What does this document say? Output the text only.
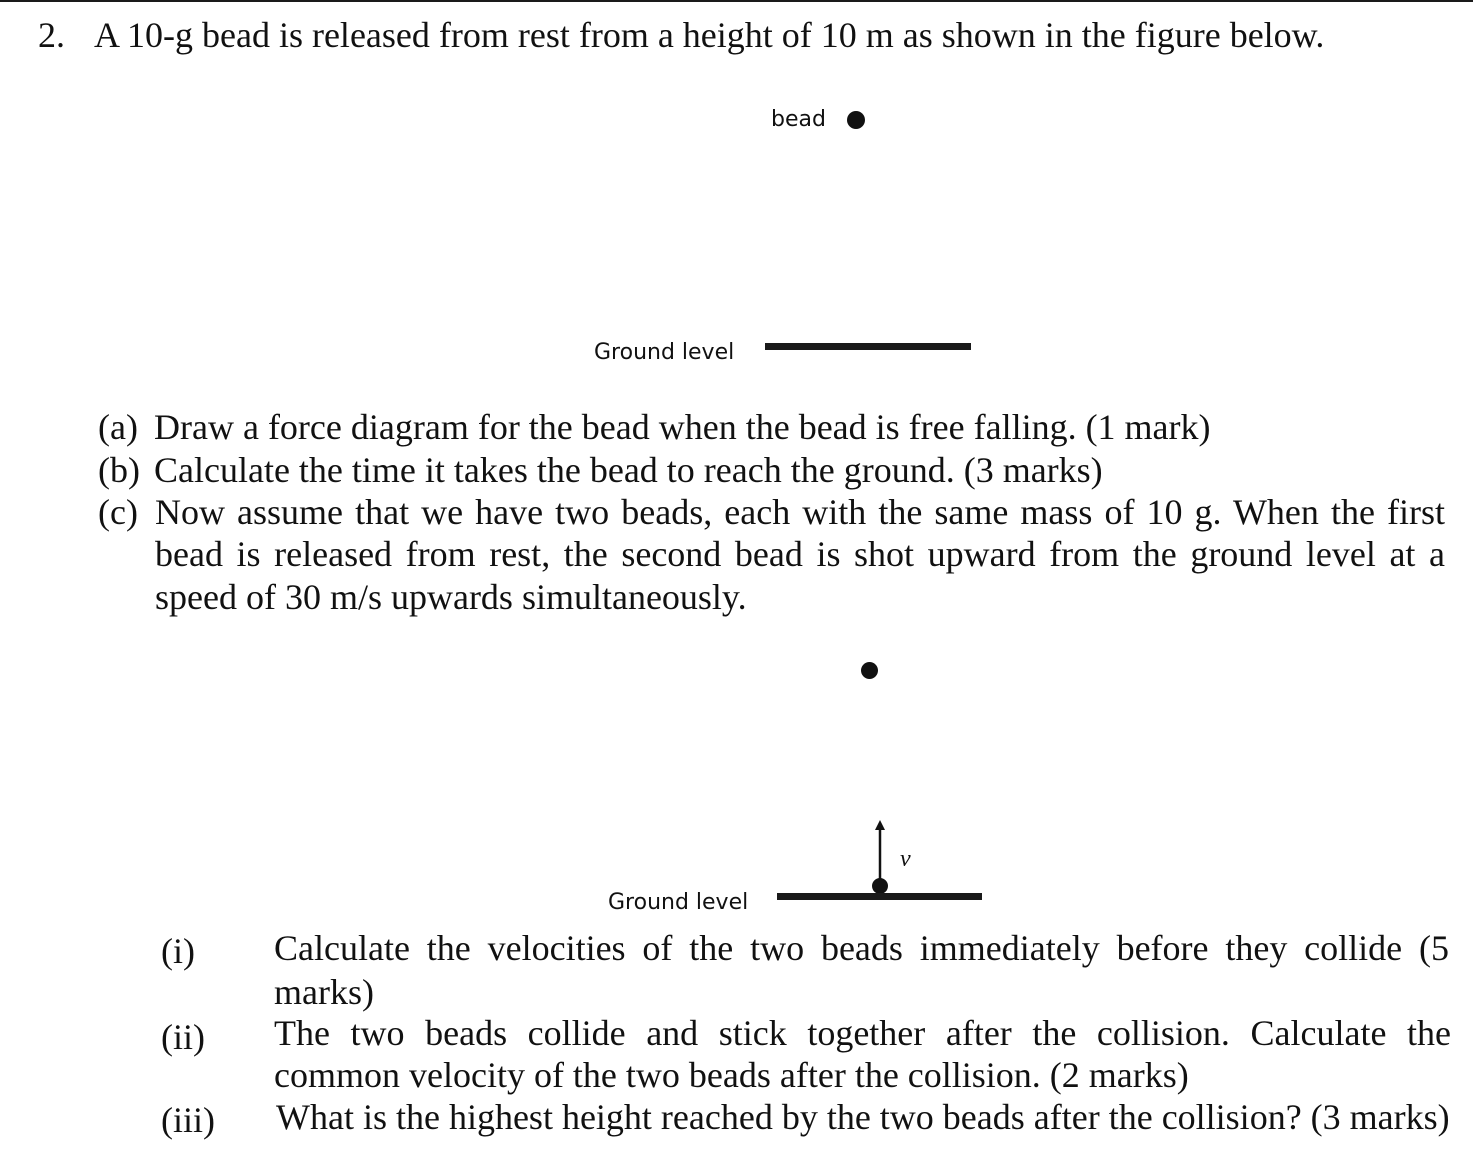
2. A 10-g bead is released from rest from a height of 10 m as shown in the figure below.
bead
Ground level
(a) Draw a force diagram for the bead when the bead is free falling. (1 mark)
(b) Calculate the time it takes the bead to reach the ground. (3 marks)
(c) Now assume that we have two beads, each with the same mass of 10 g. When the first
bead is released from rest, the second bead is shot upward from the ground level at a
speed of 30 m/s upwards simultaneously.
v
Ground level
(i) Calculate the velocities of the two beads immediately before they collide (5
marks)
(ii) The two beads collide and stick together after the collision. Calculate the
common velocity of the two beads after the collision. (2 marks)
(iii) What is the highest height reached by the two beads after the collision? (3 marks)
